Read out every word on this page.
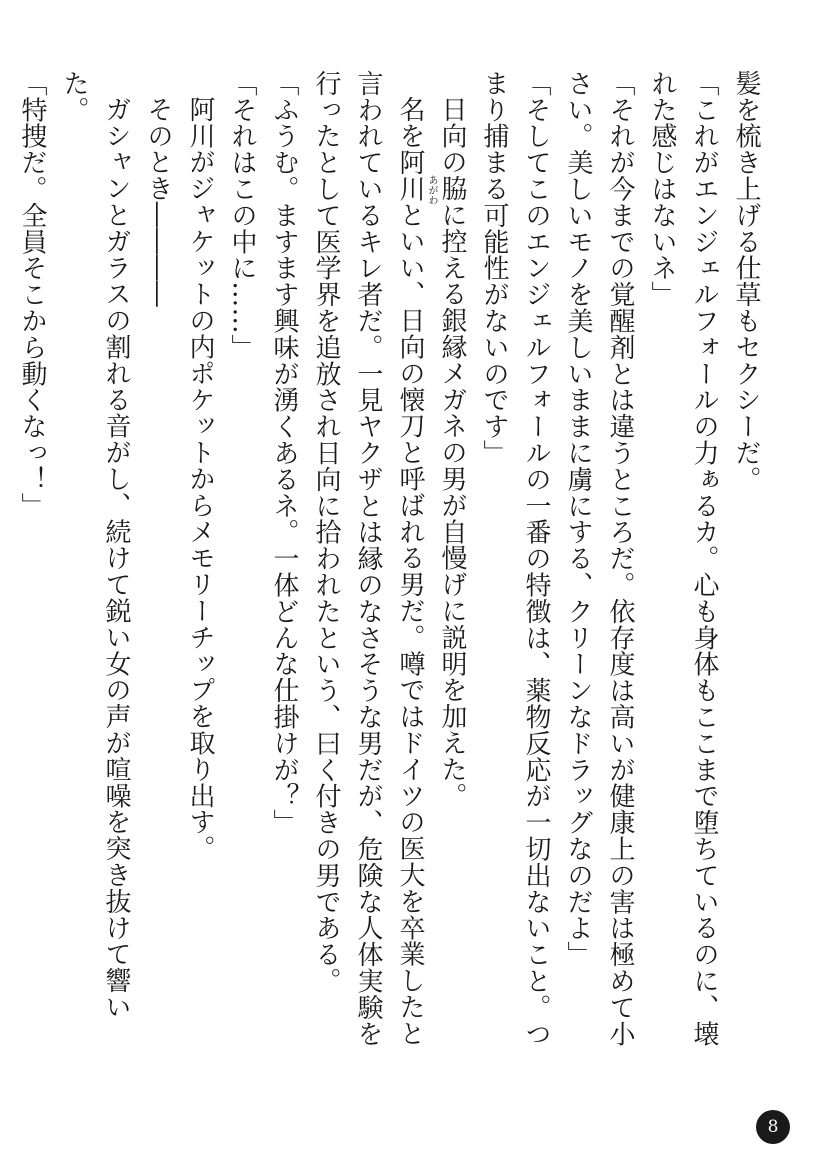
髪を梳き上げる仕草もセクシーだ。

「これがエンジェルフォールの力ぁるカ。心も身体もここまで堕ちているのに、壊れた感じはないネ」

「それが今までの覚醒剤とは違うところだ。依存度は高いが健康上の害は極めて小さい。美しいモノを美しいままに虜にする、クリーンなドラッグなのだよ」

「そしてこのエンジェルフォールの一番の特徴は、薬物反応が一切出ないこと。つまり捕まる可能性がないのです」

日向の脇に控える銀縁メガネの男が自慢げに説明を加えた。

名を阿川 あがわ
といい、日向の懐刀と呼ばれる男だ。噂ではドイツの医大を卒業したと言われているキレ者だ。一見ヤクザとは縁のなさそうな男だが、危険な人体実験を行ったとして医学界を追放され日向に拾われたという、曰く付きの男である。

「ふうむ。ますます興味が湧くあるネ。一体どんな仕掛けが？」

「それはこの中に……」

阿川がジャケットの内ポケットからメモリーチップを取り出す。

そのとき――――

ガシャンとガラスの割れる音がし、続けて鋭い女の声が喧噪を突き抜けて響いた。

「特捜だ。全員そこから動くなっ！」

8
